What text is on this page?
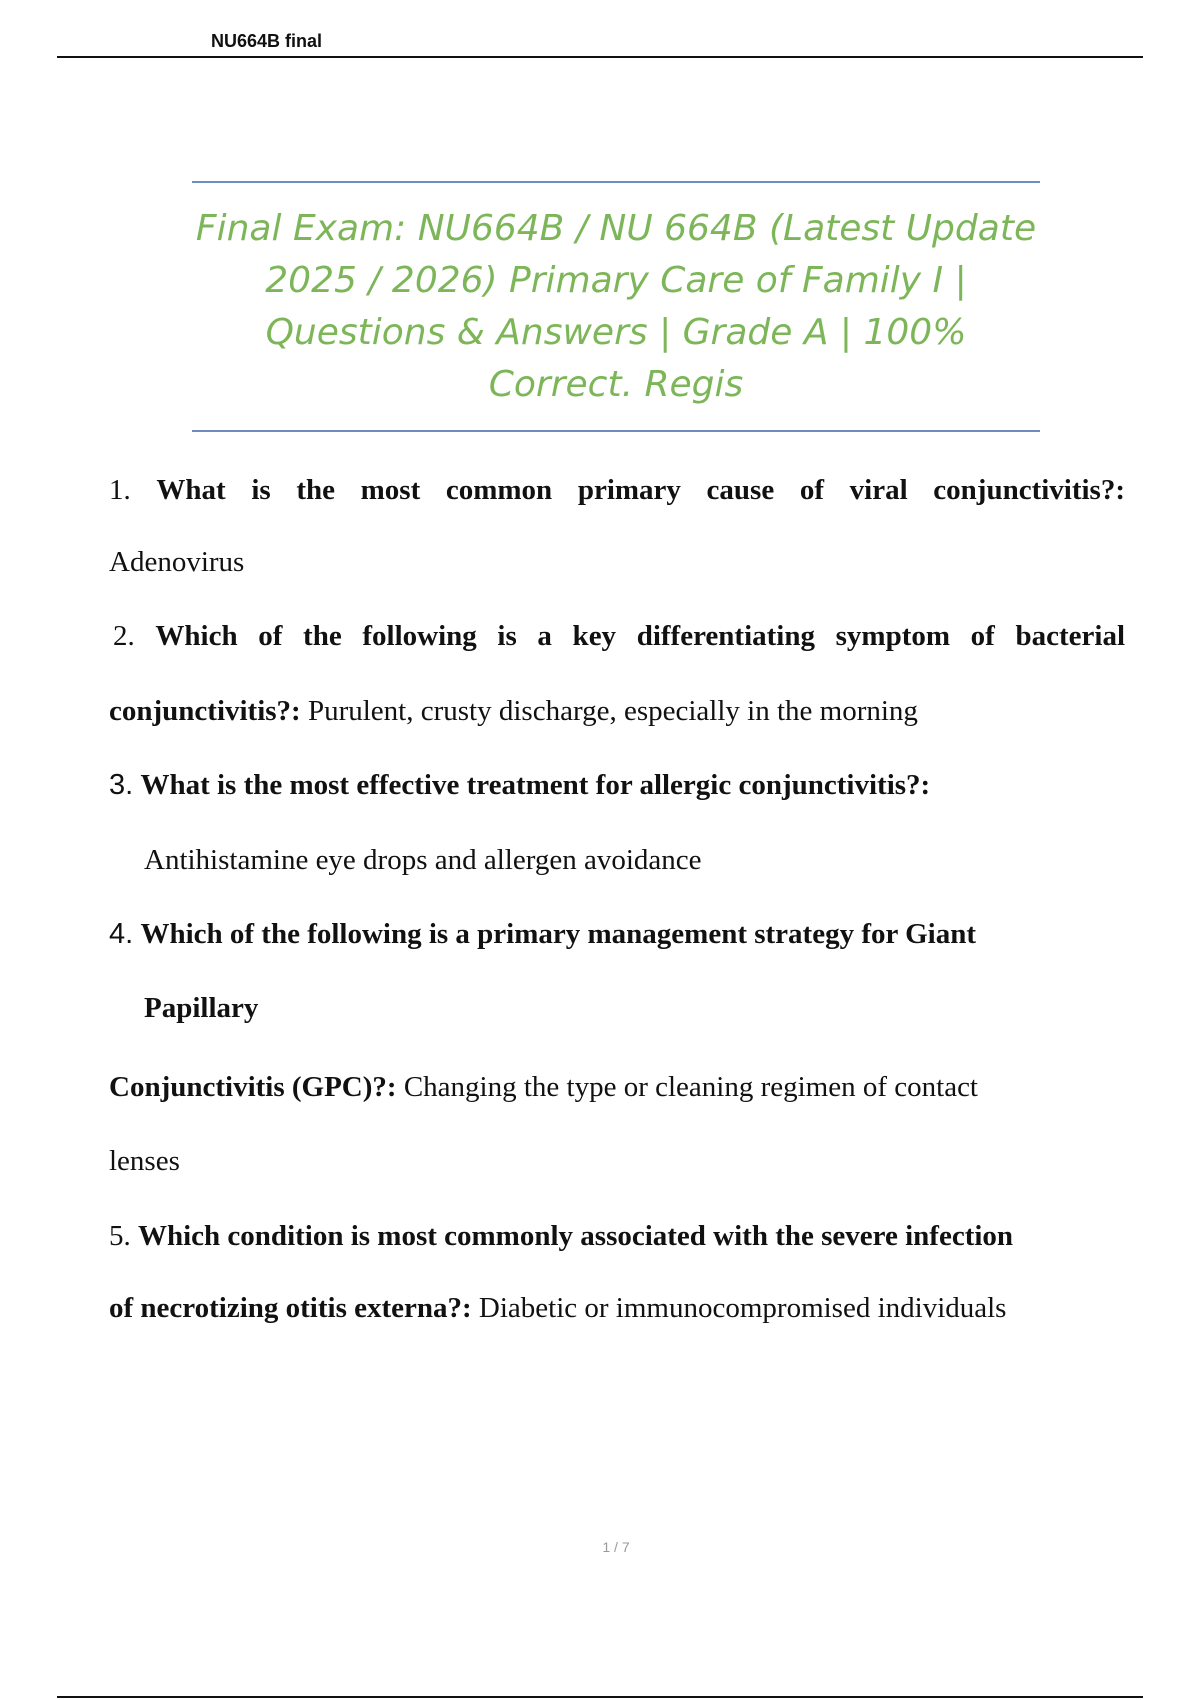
NU664B final
Final Exam: NU664B / NU 664B (Latest Update
2025 / 2026) Primary Care of Family I |
Questions & Answers | Grade A | 100%
Correct. Regis
1. What is the most common primary cause of viral conjunctivitis?:
Adenovirus
2. Which of the following is a key differentiating symptom of bacterial
conjunctivitis?: Purulent, crusty discharge, especially in the morning
3. What is the most effective treatment for allergic conjunctivitis?:
Antihistamine eye drops and allergen avoidance
4. Which of the following is a primary management strategy for Giant
Papillary
Conjunctivitis (GPC)?: Changing the type or cleaning regimen of contact
lenses
5. Which condition is most commonly associated with the severe infection
of necrotizing otitis externa?: Diabetic or immunocompromised individuals
1 / 7
